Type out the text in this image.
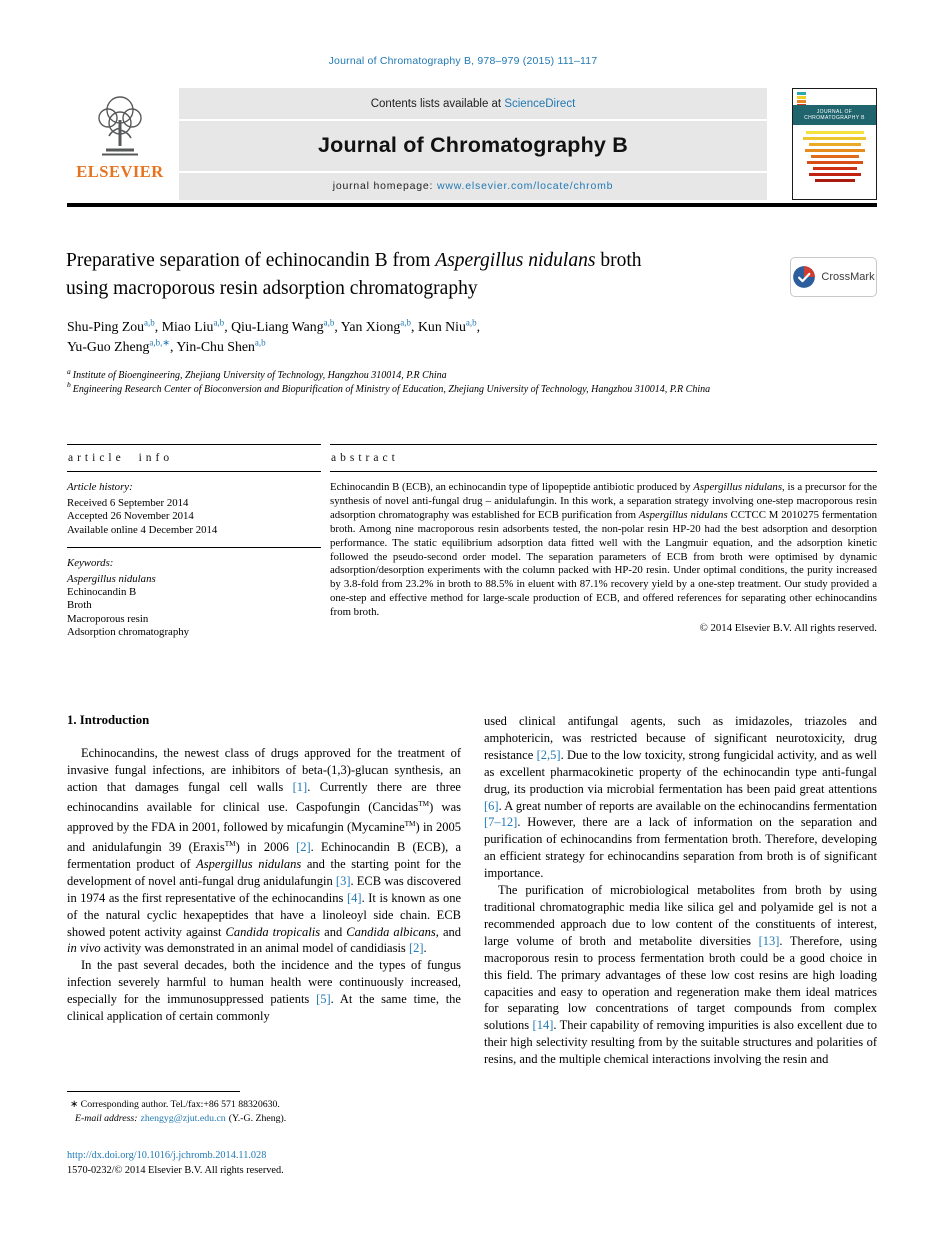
Journal of Chromatography B, 978–979 (2015) 111–117
ELSEVIER
Contents lists available at ScienceDirect
Journal of Chromatography B
journal homepage: www.elsevier.com/locate/chromb
JOURNAL OF CHROMATOGRAPHY B
Preparative separation of echinocandin B from Aspergillus nidulans broth using macroporous resin adsorption chromatography
CrossMark
Shu-Ping Zou$^{a,b}$, Miao Liu$^{a,b}$, Qiu-Liang Wang$^{a,b}$, Yan Xiong$^{a,b}$, Kun Niu$^{a,b}$,
Yu-Guo Zheng$^{a,b,∗}$, Yin-Chu Shen$^{a,b}$
$^a$ Institute of Bioengineering, Zhejiang University of Technology, Hangzhou 310014, P.R China
$^b$ Engineering Research Center of Bioconversion and Biopurification of Ministry of Education, Zhejiang University of Technology, Hangzhou 310014, P.R China
article info
Article history:
Received 6 September 2014
Accepted 26 November 2014
Available online 4 December 2014
Keywords:
Aspergillus nidulans
Echinocandin B
Broth
Macroporous resin
Adsorption chromatography
abstract

Echinocandin B (ECB), an echinocandin type of lipopeptide antibiotic produced by Aspergillus nidulans, is a precursor for the synthesis of novel anti-fungal drug – anidulafungin. In this work, a separation strategy involving one-step macroporous resin adsorption chromatography was established for ECB purification from Aspergillus nidulans CCTCC M 2010275 fermentation broth. Among nine macroporous resin adsorbents tested, the non-polar resin HP-20 had the best adsorption and desorption performance. The static equilibrium adsorption data fitted well with the Langmuir equation, and the adsorption kinetic followed the pseudo-second order model. The separation parameters of ECB from broth were optimised by dynamic adsorption/desorption experiments with the column packed with HP-20 resin. Under optimal conditions, the purity increased by 3.8-fold from 23.2% in broth to 88.5% in eluent with 87.1% recovery yield by a one-step treatment. Our study provided a one-step and effective method for large-scale production of ECB, and offered references for separating other echinocandins from broth.

© 2014 Elsevier B.V. All rights reserved.
1. Introduction

Echinocandins, the newest class of drugs approved for the treatment of invasive fungal infections, are inhibitors of beta-(1,3)-glucan synthesis, an action that damages fungal cell walls [1]. Currently there are three echinocandins available for clinical use. Caspofungin (Cancidas™) was approved by the FDA in 2001, followed by micafungin (Mycamine™) in 2005 and anidulafungin 39 (Eraxis™) in 2006 [2]. Echinocandin B (ECB), a fermentation product of Aspergillus nidulans and the starting point for the development of novel anti-fungal drug anidulafungin [3]. ECB was discovered in 1974 as the first representative of the echinocandins [4]. It is known as one of the natural cyclic hexapeptides that have a linoleoyl side chain. ECB showed potent activity against Candida tropicalis and Candida albicans, and in vivo activity was demonstrated in an animal model of candidiasis [2].

In the past several decades, both the incidence and the types of fungus infection severely harmful to human health were continuously increased, especially for the immunosuppressed patients [5]. At the same time, the clinical application of certain commonly

used clinical antifungal agents, such as imidazoles, triazoles and amphotericin, was restricted because of significant neurotoxicity, drug resistance [2,5]. Due to the low toxicity, strong fungicidal activity, and as well as excellent pharmacokinetic property of the echinocandin type anti-fungal drug, its production via microbial fermentation has been paid great attentions [6]. A great number of reports are available on the echinocandins fermentation [7–12]. However, there are a lack of information on the separation and purification of echinocandins from fermentation broth. Therefore, developing an efficient strategy for echinocandins separation from broth is of significant importance.

The purification of microbiological metabolites from broth by using traditional chromatographic media like silica gel and polyamide gel is not a recommended approach due to low content of the constituents of interest, large volume of broth and metabolite diversities [13]. Therefore, using macroporous resin to process fermentation broth could be a good choice in this field. The primary advantages of these low cost resins are high loading capacities and easy to operation and regeneration make them ideal matrices for separating low concentrations of target compounds from complex solutions [14]. Their capability of removing impurities is also excellent due to their high selectivity resulting from by the suitable structures and polarities of resins, and the multiple chemical interactions involving the resin and

∗ Corresponding author. Tel./fax:+86 571 88320630.
E-mail address: zhengyg@zjut.edu.cn (Y.-G. Zheng).
http://dx.doi.org/10.1016/j.jchromb.2014.11.028
1570-0232/© 2014 Elsevier B.V. All rights reserved.
